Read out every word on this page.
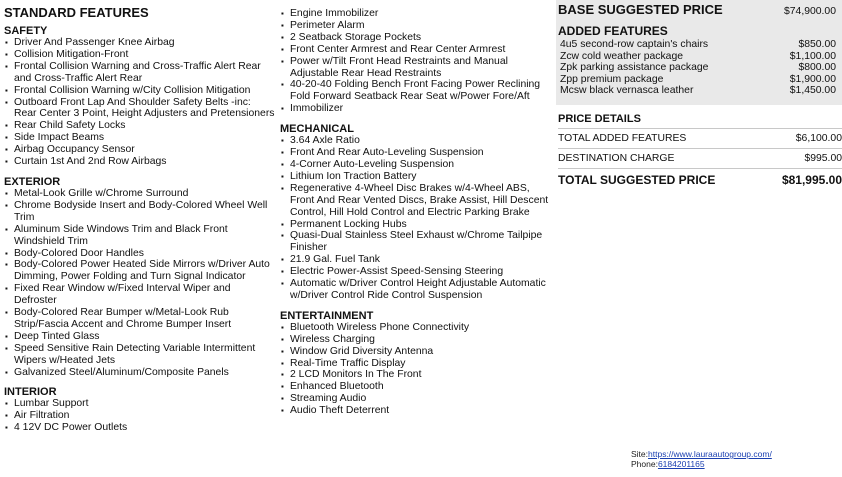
STANDARD FEATURES
SAFETY
▪ Driver And Passenger Knee Airbag
▪ Collision Mitigation-Front
▪ Frontal Collision Warning and Cross-Traffic Alert Rear and Cross-Traffic Alert Rear
▪ Frontal Collision Warning w/City Collision Mitigation
▪ Outboard Front Lap And Shoulder Safety Belts -inc: Rear Center 3 Point, Height Adjusters and Pretensioners
▪ Rear Child Safety Locks
▪ Side Impact Beams
▪ Airbag Occupancy Sensor
▪ Curtain 1st And 2nd Row Airbags
EXTERIOR
▪ Metal-Look Grille w/Chrome Surround
▪ Chrome Bodyside Insert and Body-Colored Wheel Well Trim
▪ Aluminum Side Windows Trim and Black Front Windshield Trim
▪ Body-Colored Door Handles
▪ Body-Colored Power Heated Side Mirrors w/Driver Auto Dimming, Power Folding and Turn Signal Indicator
▪ Fixed Rear Window w/Fixed Interval Wiper and Defroster
▪ Body-Colored Rear Bumper w/Metal-Look Rub Strip/Fascia Accent and Chrome Bumper Insert
▪ Deep Tinted Glass
▪ Speed Sensitive Rain Detecting Variable Intermittent Wipers w/Heated Jets
▪ Galvanized Steel/Aluminum/Composite Panels
INTERIOR
▪ Lumbar Support
▪ Air Filtration
▪ 4 12V DC Power Outlets
▪ Engine Immobilizer
▪ Perimeter Alarm
▪ 2 Seatback Storage Pockets
▪ Front Center Armrest and Rear Center Armrest
▪ Power w/Tilt Front Head Restraints and Manual Adjustable Rear Head Restraints
▪ 40-20-40 Folding Bench Front Facing Power Reclining Fold Forward Seatback Rear Seat w/Power Fore/Aft
▪ Immobilizer
MECHANICAL
▪ 3.64 Axle Ratio
▪ Front And Rear Auto-Leveling Suspension
▪ 4-Corner Auto-Leveling Suspension
▪ Lithium Ion Traction Battery
▪ Regenerative 4-Wheel Disc Brakes w/4-Wheel ABS, Front And Rear Vented Discs, Brake Assist, Hill Descent Control, Hill Hold Control and Electric Parking Brake
▪ Permanent Locking Hubs
▪ Quasi-Dual Stainless Steel Exhaust w/Chrome Tailpipe Finisher
▪ 21.9 Gal. Fuel Tank
▪ Electric Power-Assist Speed-Sensing Steering
▪ Automatic w/Driver Control Height Adjustable Automatic w/Driver Control Ride Control Suspension
ENTERTAINMENT
▪ Bluetooth Wireless Phone Connectivity
▪ Wireless Charging
▪ Window Grid Diversity Antenna
▪ Real-Time Traffic Display
▪ 2 LCD Monitors In The Front
▪ Enhanced Bluetooth
▪ Streaming Audio
▪ Audio Theft Deterrent
BASE SUGGESTED PRICE	$74,900.00
ADDED FEATURES
4u5 second-row captain's chairs	$850.00
Zcw cold weather package	$1,100.00
Zpk parking assistance package	$800.00
Zpp premium package	$1,900.00
Mcsw black vernasca leather	$1,450.00
PRICE DETAILS
TOTAL ADDED FEATURES	$6,100.00
DESTINATION CHARGE	$995.00
TOTAL SUGGESTED PRICE	$81,995.00
Site:https://www.lauraautogroup.com/
Phone:6184201165
